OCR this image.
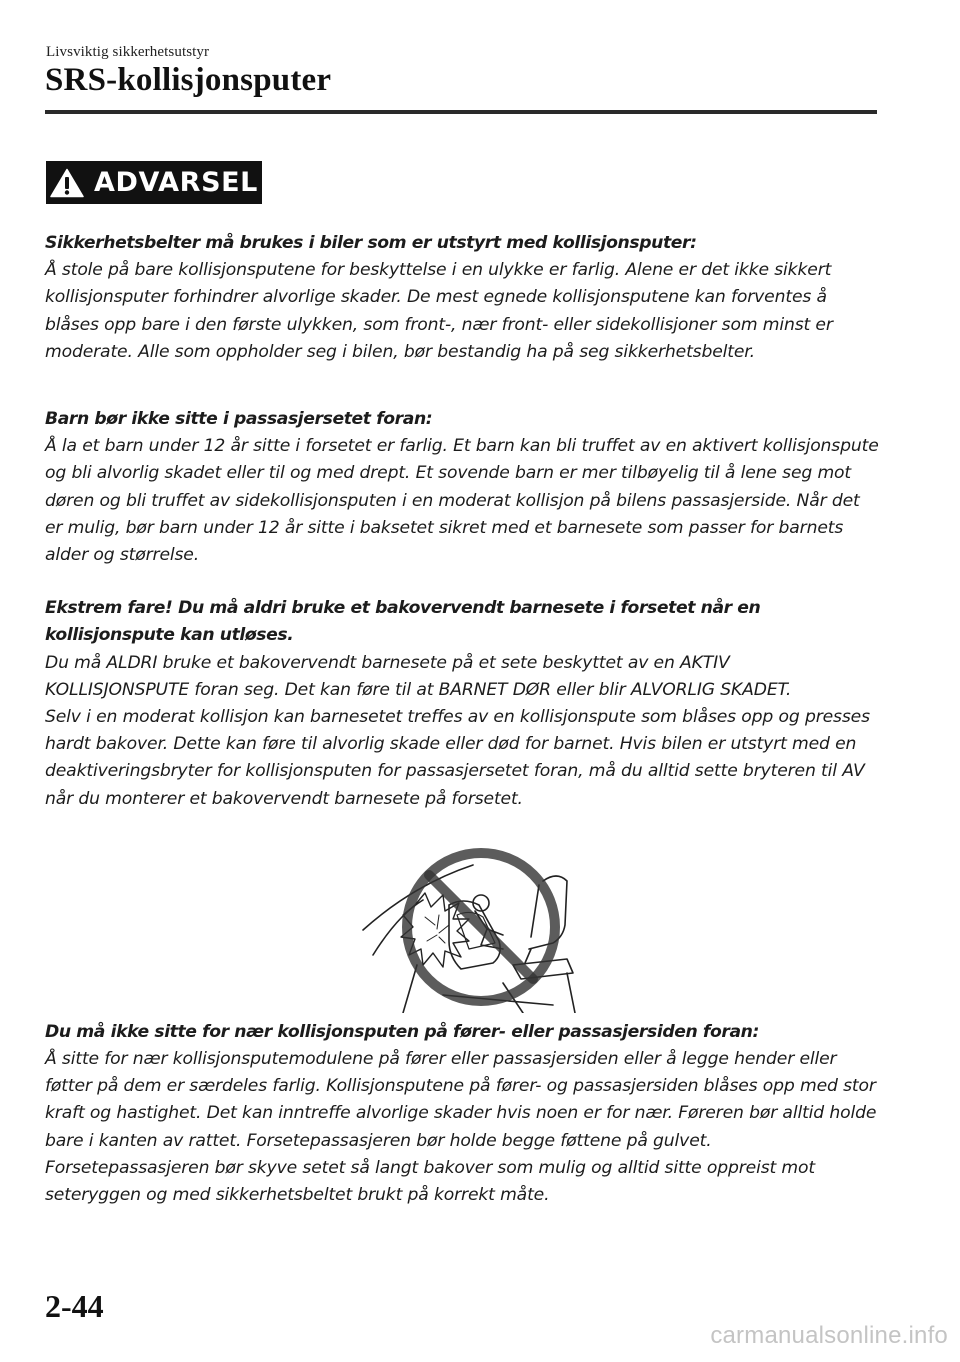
Livsviktig sikkerhetsutstyr
SRS-kollisjonsputer
ADVARSEL
Sikkerhetsbelter må brukes i biler som er utstyrt med kollisjonsputer:

Å stole på bare kollisjonsputene for beskyttelse i en ulykke er farlig. Alene er det ikke sikkert kollisjonsputer forhindrer alvorlige skader. De mest egnede kollisjonsputene kan forventes å blåses opp bare i den første ulykken, som front-, nær front- eller sidekollisjoner som minst er moderate. Alle som oppholder seg i bilen, bør bestandig ha på seg sikkerhetsbelter.

Barn bør ikke sitte i passasjersetet foran:

Å la et barn under 12 år sitte i forsetet er farlig. Et barn kan bli truffet av en aktivert kollisjonspute og bli alvorlig skadet eller til og med drept. Et sovende barn er mer tilbøyelig til å lene seg mot døren og bli truffet av sidekollisjonsputen i en moderat kollisjon på bilens passasjerside. Når det er mulig, bør barn under 12 år sitte i baksetet sikret med et barnesete som passer for barnets alder og størrelse.

Ekstrem fare! Du må aldri bruke et bakovervendt barnesete i forsetet når en kollisjonspute kan utløses.

Du må ALDRI bruke et bakovervendt barnesete på et sete beskyttet av en AKTIV

KOLLISJONSPUTE foran seg. Det kan føre til at BARNET DØR eller blir ALVORLIG SKADET.

Selv i en moderat kollisjon kan barnesetet treffes av en kollisjonspute som blåses opp og presses hardt bakover. Dette kan føre til alvorlig skade eller død for barnet. Hvis bilen er utstyrt med en deaktiveringsbryter for kollisjonsputen for passasjersetet foran, må du alltid sette bryteren til AV når du monterer et bakovervendt barnesete på forsetet.

Du må ikke sitte for nær kollisjonsputen på fører- eller passasjersiden foran:

Å sitte for nær kollisjonsputemodulene på fører eller passasjersiden eller å legge hender eller føtter på dem er særdeles farlig. Kollisjonsputene på fører- og passasjersiden blåses opp med stor kraft og hastighet. Det kan inntreffe alvorlige skader hvis noen er for nær. Føreren bør alltid holde bare i kanten av rattet. Forsetepassasjeren bør holde begge føttene på gulvet. Forsetepassasjeren bør skyve setet så langt bakover som mulig og alltid sitte oppreist mot seteryggen og med sikkerhetsbeltet brukt på korrekt måte.

2-44
carmanualsonline.info
